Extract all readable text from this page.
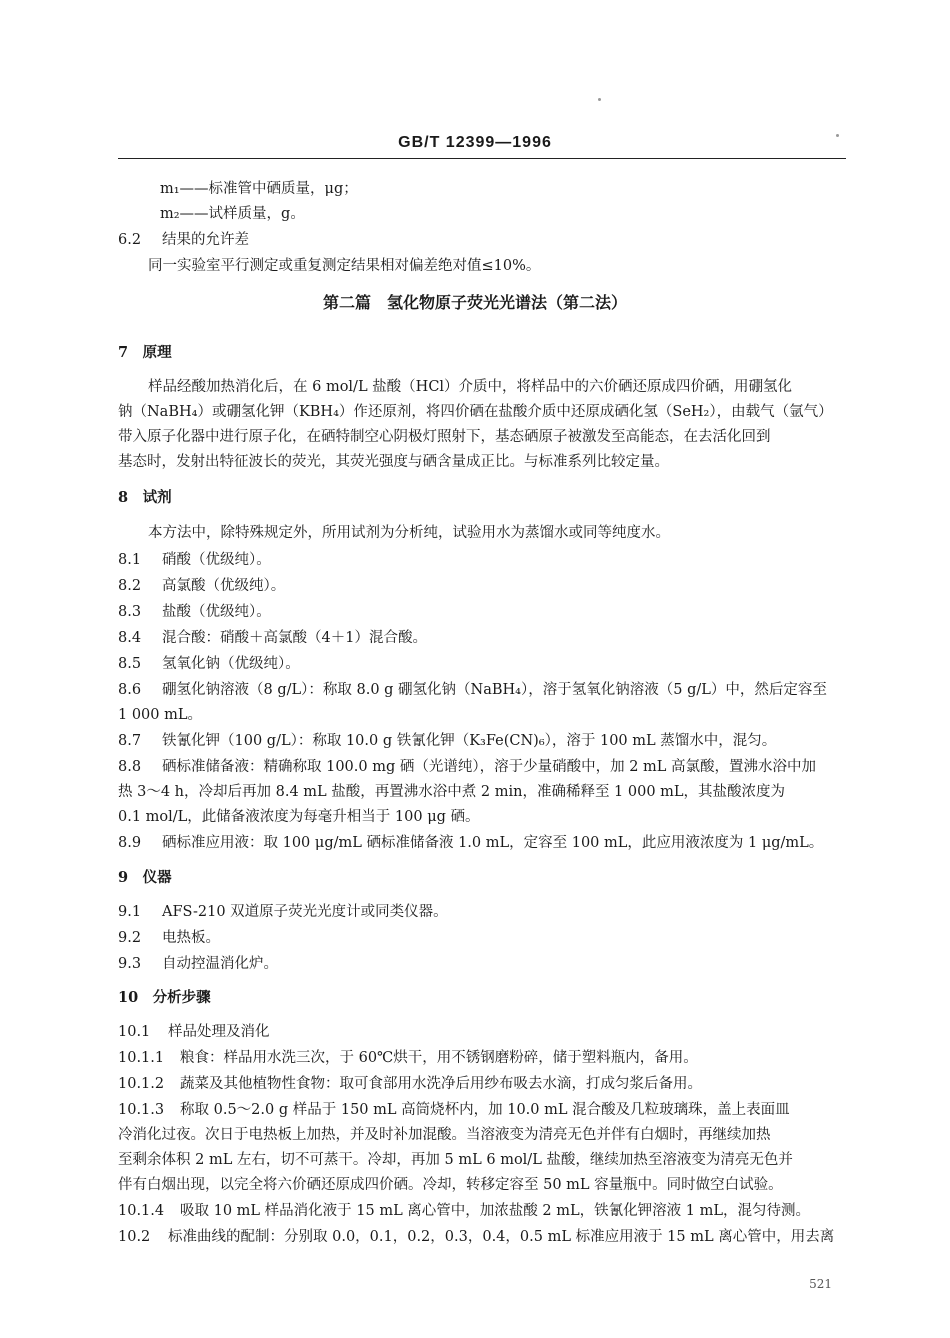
GB/T 12399—1996
m₁——标准管中硒质量，μg；
m₂——试样质量，g。
6.2 结果的允许差
同一实验室平行测定或重复测定结果相对偏差绝对值≤10%。
第二篇　氢化物原子荧光光谱法（第二法）
7　原理
样品经酸加热消化后，在 6 mol/L 盐酸（HCl）介质中，将样品中的六价硒还原成四价硒，用硼氢化
钠（NaBH₄）或硼氢化钾（KBH₄）作还原剂，将四价硒在盐酸介质中还原成硒化氢（SeH₂），由载气（氩气）
带入原子化器中进行原子化，在硒特制空心阴极灯照射下，基态硒原子被激发至高能态，在去活化回到
基态时，发射出特征波长的荧光，其荧光强度与硒含量成正比。与标准系列比较定量。
8　试剂
本方法中，除特殊规定外，所用试剂为分析纯，试验用水为蒸馏水或同等纯度水。
8.1 硝酸（优级纯）。
8.2 高氯酸（优级纯）。
8.3 盐酸（优级纯）。
8.4 混合酸：硝酸＋高氯酸（4＋1）混合酸。
8.5 氢氧化钠（优级纯）。
8.6 硼氢化钠溶液（8 g/L）：称取 8.0 g 硼氢化钠（NaBH₄），溶于氢氧化钠溶液（5 g/L）中，然后定容至
1 000 mL。
8.7 铁氰化钾（100 g/L）：称取 10.0 g 铁氰化钾（K₃Fe(CN)₆），溶于 100 mL 蒸馏水中，混匀。
8.8 硒标准储备液：精确称取 100.0 mg 硒（光谱纯），溶于少量硝酸中，加 2 mL 高氯酸，置沸水浴中加
热 3～4 h，冷却后再加 8.4 mL 盐酸，再置沸水浴中煮 2 min，准确稀释至 1 000 mL，其盐酸浓度为
0.1 mol/L，此储备液浓度为每毫升相当于 100 μg 硒。
8.9 硒标准应用液：取 100 μg/mL 硒标准储备液 1.0 mL，定容至 100 mL，此应用液浓度为 1 μg/mL。
9　仪器
9.1 AFS-210 双道原子荧光光度计或同类仪器。
9.2 电热板。
9.3 自动控温消化炉。
10　分析步骤
10.1 样品处理及消化
10.1.1 粮食：样品用水洗三次，于 60℃烘干，用不锈钢磨粉碎，储于塑料瓶内，备用。
10.1.2 蔬菜及其他植物性食物：取可食部用水洗净后用纱布吸去水滴，打成匀浆后备用。
10.1.3 称取 0.5～2.0 g 样品于 150 mL 高筒烧杯内，加 10.0 mL 混合酸及几粒玻璃珠，盖上表面皿
冷消化过夜。次日于电热板上加热，并及时补加混酸。当溶液变为清亮无色并伴有白烟时，再继续加热
至剩余体积 2 mL 左右，切不可蒸干。冷却，再加 5 mL 6 mol/L 盐酸，继续加热至溶液变为清亮无色并
伴有白烟出现，以完全将六价硒还原成四价硒。冷却，转移定容至 50 mL 容量瓶中。同时做空白试验。
10.1.4 吸取 10 mL 样品消化液于 15 mL 离心管中，加浓盐酸 2 mL，铁氰化钾溶液 1 mL，混匀待测。
10.2 标准曲线的配制：分别取 0.0，0.1，0.2，0.3，0.4，0.5 mL 标准应用液于 15 mL 离心管中，用去离
521
